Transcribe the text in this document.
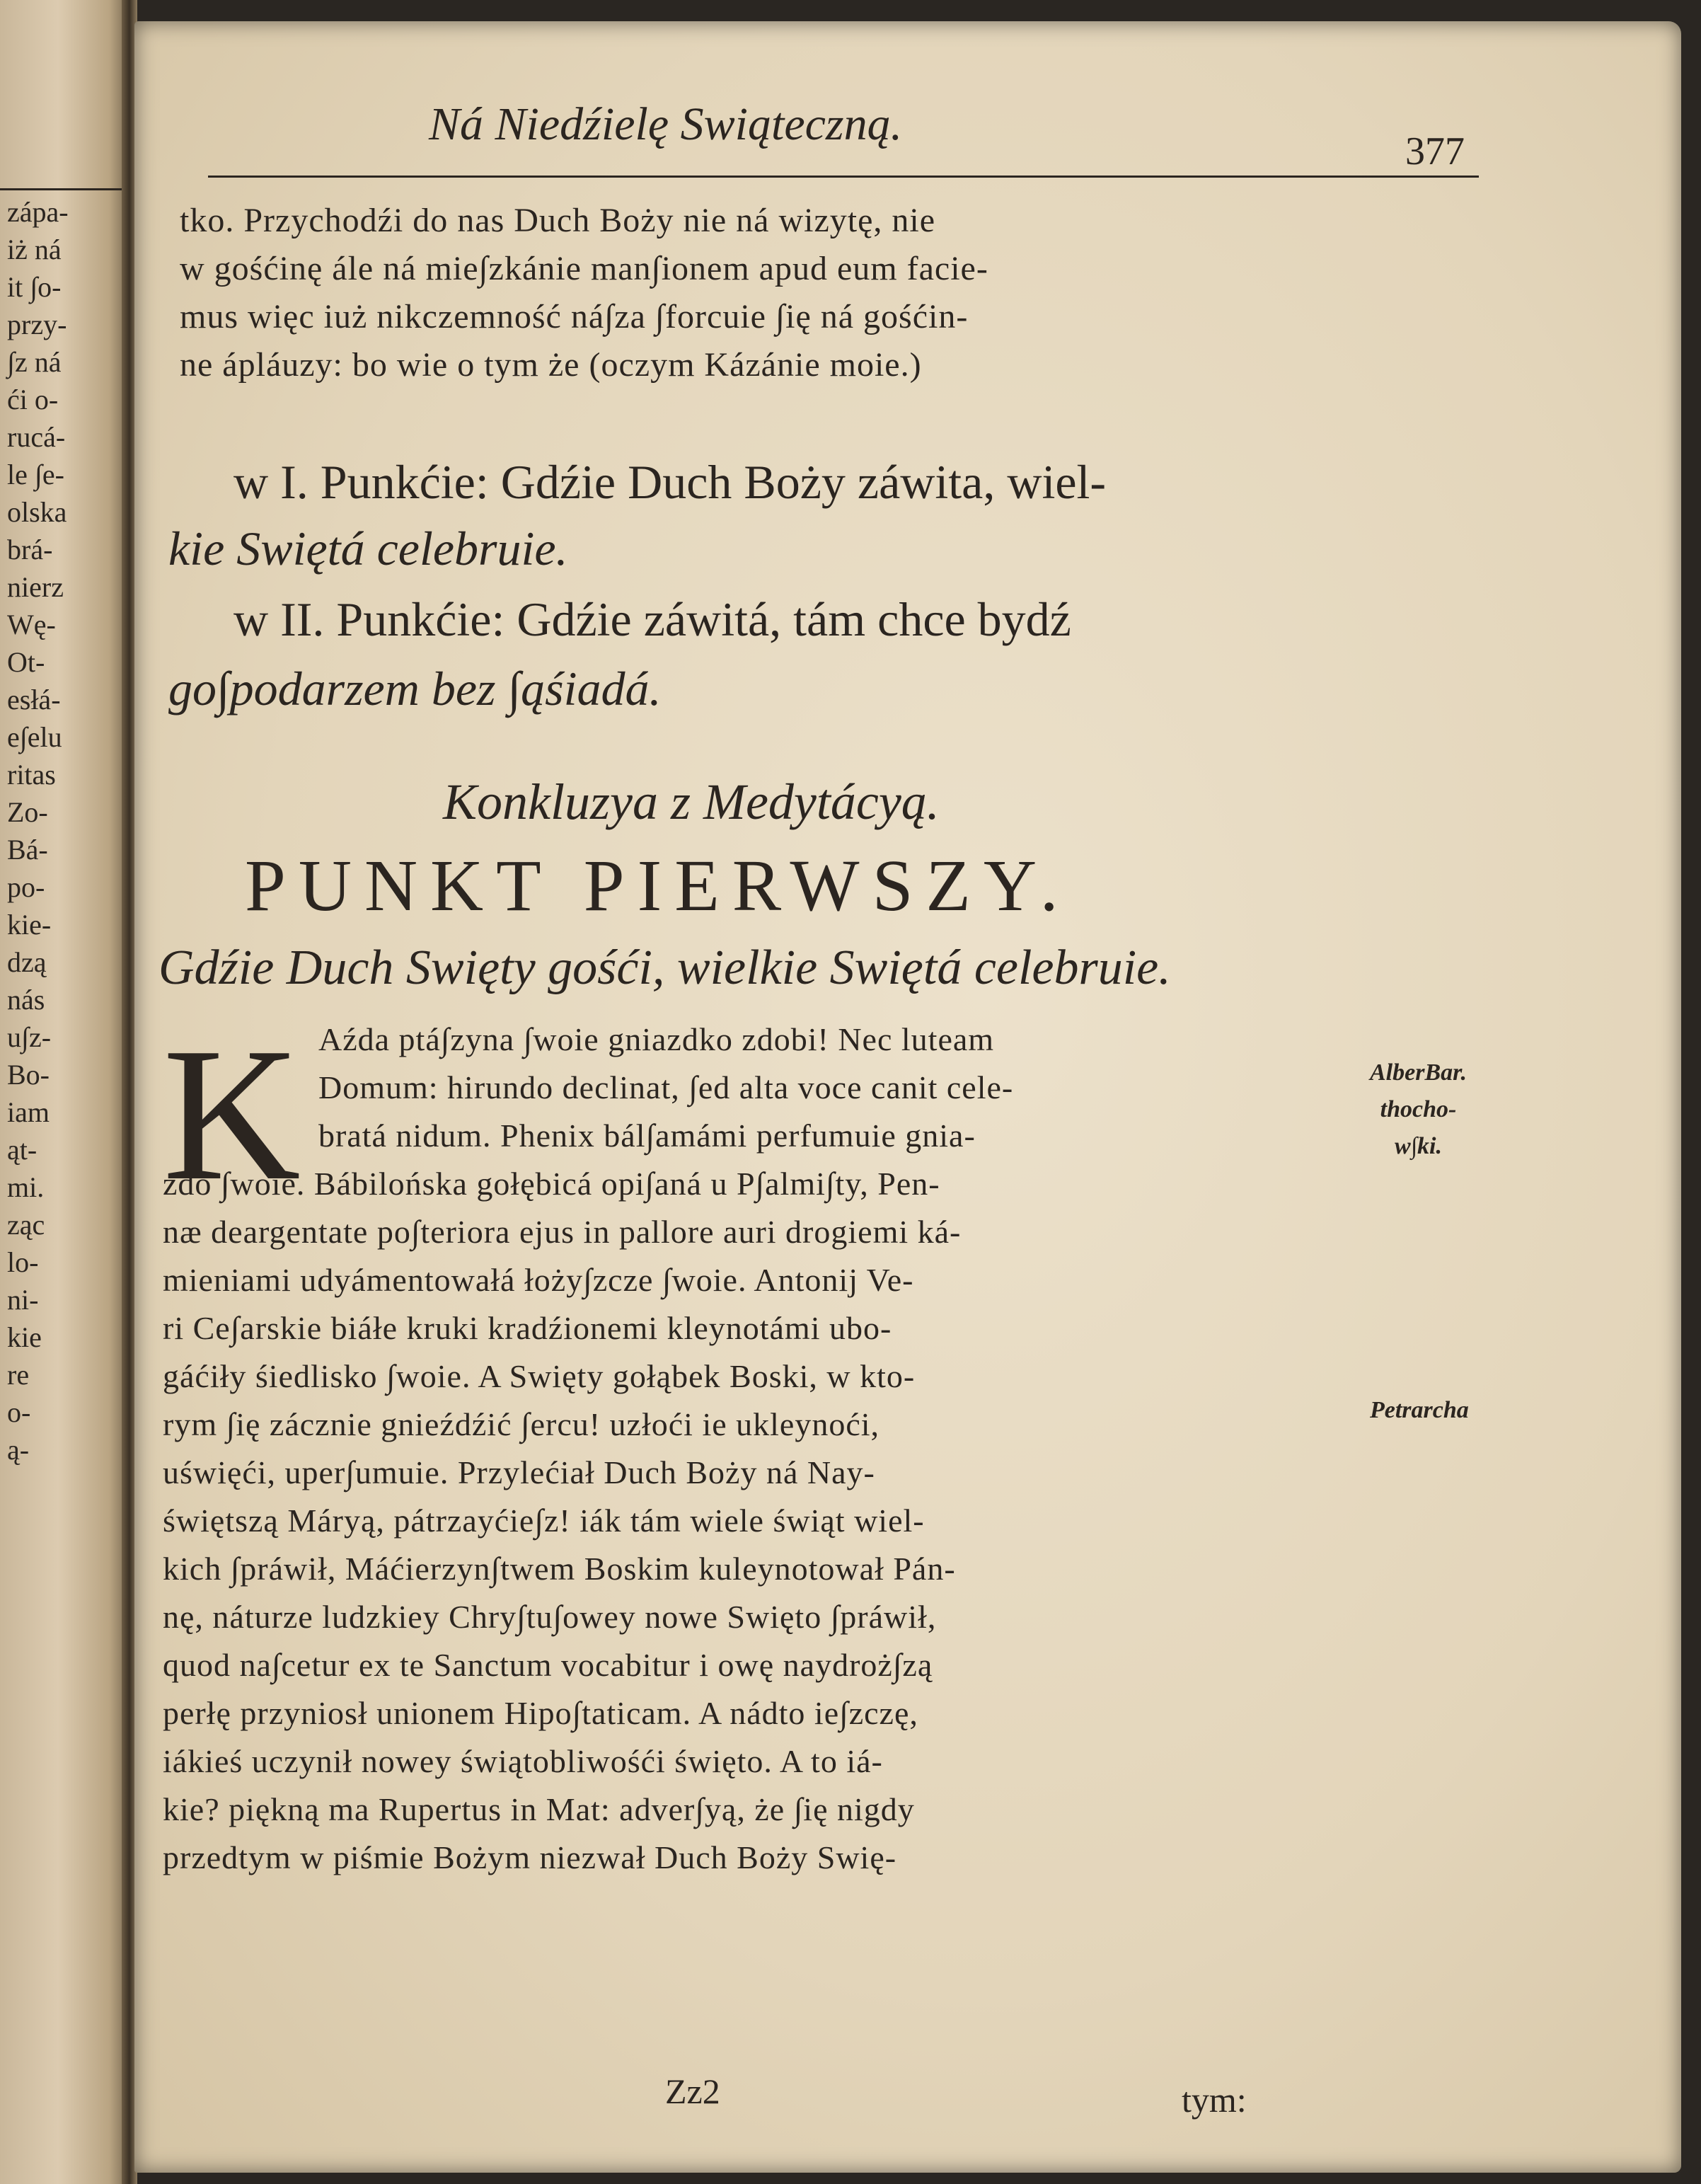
zápa-
iż ná
it ∫o-
przy-
∫z ná
ći o-
rucá-
le ∫e-
olska
brá-
nierz
Wę-
Ot-
esłá-
e∫elu
ritas
Zo-
Bá-
po-
kie-
dzą
nás
u∫z-
Bo-
iam
ąt-
mi.
ząc
lo-
ni-
kie
re
o-
ą-
Ná Niedźielę Swiąteczną.
377
tko. Przychodźi do nas Duch Boży nie ná wizytę, nie
w gośćinę ále ná mie∫zkánie man∫ionem apud eum facie-
mus więc iuż nikczemność ná∫za ∫forcuie ∫ię ná gośćin-
ne ápláuzy: bo wie o tym że (oczym Kázánie moie.)
w I. Punkćie: Gdźie Duch Boży záwita, wiel-
kie Swiętá celebruie.
w II. Punkćie: Gdźie záwitá, tám chce bydź
go∫podarzem bez ∫ąśiadá.
Konkluzya z Medytácyą.
PUNKT PIERWSZY.
Gdźie Duch Swięty gośći, wielkie Swiętá celebruie.
K Aźda ptá∫zyna ∫woie gniazdko zdobi! Nec luteam
Domum: hirundo declinat, ∫ed alta voce canit cele-
bratá nidum. Phenix bál∫amámi perfumuie gnia-
zdo ∫woie. Bábilońska gołębicá opi∫aná u P∫almi∫ty, Pen-
næ deargentate po∫teriora ejus in pallore auri drogiemi ká-
mieniami udyámentowałá łoży∫zcze ∫woie. Antonij Ve-
ri Ce∫arskie biáłe kruki kradźionemi kleynotámi ubo-
gáćiły śiedlisko ∫woie. A Swięty gołąbek Boski, w kto-
rym ∫ię zácznie gnieźdźić ∫ercu! uzłoći ie ukleynoći,
uświęći, uper∫umuie. Przylećiał Duch Boży ná Nay-
świętszą Máryą, pátrzayćie∫z! iák tám wiele świąt wiel-
kich ∫práwił, Máćierzyn∫twem Boskim kuleynotował Pán-
nę, náturze ludzkiey Chry∫tu∫owey nowe Swięto ∫práwił,
quod na∫cetur ex te Sanctum vocabitur i owę naydroż∫zą
perłę przyniosł unionem Hipo∫taticam. A nádto ie∫zczę,
iákieś uczynił nowey świątobliwośći święto. A to iá-
kie? piękną ma Rupertus in Mat: adver∫yą, że ∫ię nigdy
przedtym w piśmie Bożym niezwał Duch Boży Swię-
Zz2	tym:
AlberBar.
thocho-
w∫ki.
Petrarcha
